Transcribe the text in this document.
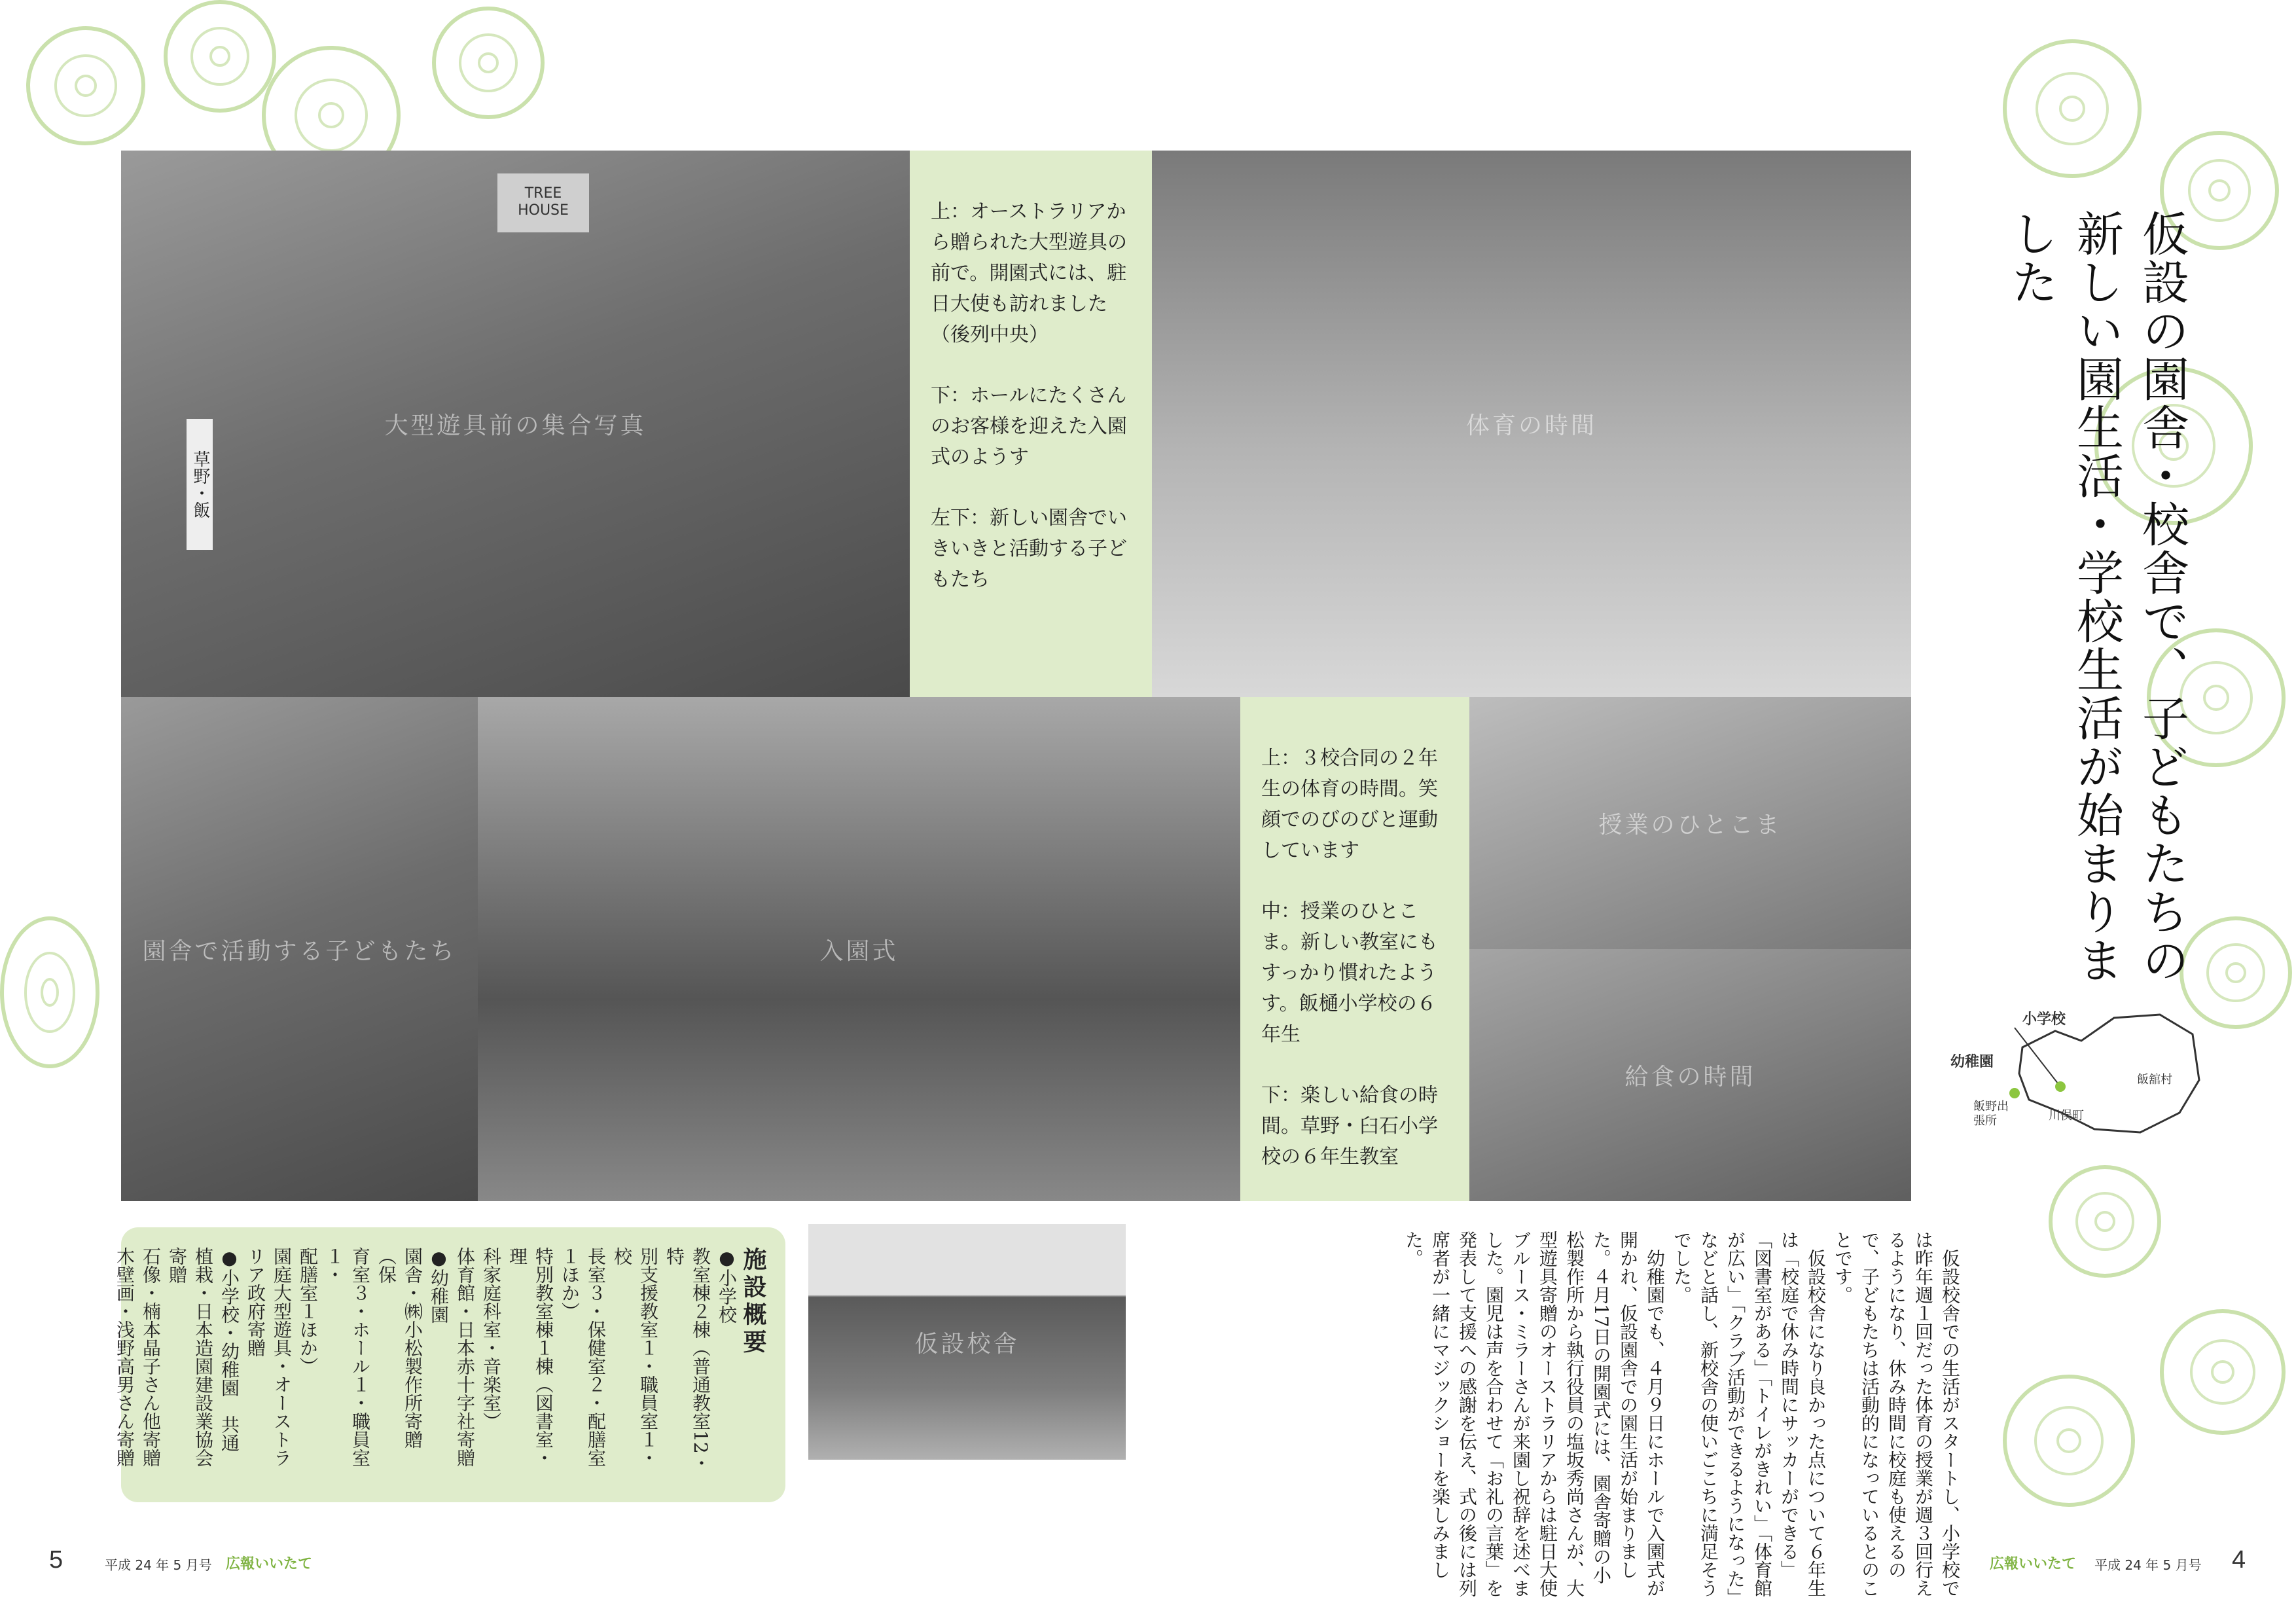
大型遊具前の集合写真
TREE HOUSE
草野・飯

上：オーストラリアから贈られた大型遊具の前で。開園式には、駐日大使も訪れました（後列中央）

下：ホールにたくさんのお客様を迎えた入園式のようす

左下：新しい園舎でいきいきと活動する子どもたち

体育の時間
園舎で活動する子どもたち	入園式

上：３校合同の２年生の体育の時間。笑顔でのびのびと運動しています

中：授業のひとこま。新しい教室にもすっかり慣れたようす。飯樋小学校の６年生

下：楽しい給食の時間。草野・臼石小学校の６年生教室

授業のひとこま
給食の時間
仮設校舎
仮設の園舎・校舎で、子どもたちの
新しい園生活・学校生活が始まりました
小学校
幼稚園
飯舘村
飯野出張所	川俣町

仮設校舎での生活がスタートし、小学校では昨年週１回だった体育の授業が週３回行えるようになり、休み時間に校庭も使えるので、子どもたちは活動的になっているとのことです。

仮設校舎になり良かった点について６年生は「校庭で休み時間にサッカーができる」「図書室がある」「トイレがきれい」「体育館が広い」「クラブ活動ができるようになった」などと話し、新校舎の使いごこちに満足そうでした。

幼稚園でも、４月９日にホールで入園式が開かれ、仮設園舎での園生活が始まりました。４月17日の開園式には、園舎寄贈の小松製作所から執行役員の塩坂秀尚さんが、大型遊具寄贈のオーストラリアからは駐日大使ブルース・ミラーさんが来園し祝辞を述べました。園児は声を合わせて「お礼の言葉」を発表して支援への感謝を伝え、式の後には列席者が一緒にマジックショーを楽しみました。

施設概要
●小学校
教室棟２棟（普通教室12・特
別支援教室１・職員室１・校
長室３・保健室２・配膳室
１ほか）
特別教室棟１棟（図書室・理
科家庭科室・音楽室）
体育館・日本赤十字社寄贈
●幼稚園
園舎・㈱小松製作所寄贈（保
育室３・ホール１・職員室１・
配膳室１ほか）
園庭大型遊具・オーストラ
リア政府寄贈
●小学校・幼稚園　共通
植栽・日本造園建設業協会
寄贈
石像・楠本晶子さん他寄贈
木壁画・浅野高男さん寄贈
5	平成 24 年 5 月号 広報いいたて	広報いいたて 平成 24 年 5 月号 4
